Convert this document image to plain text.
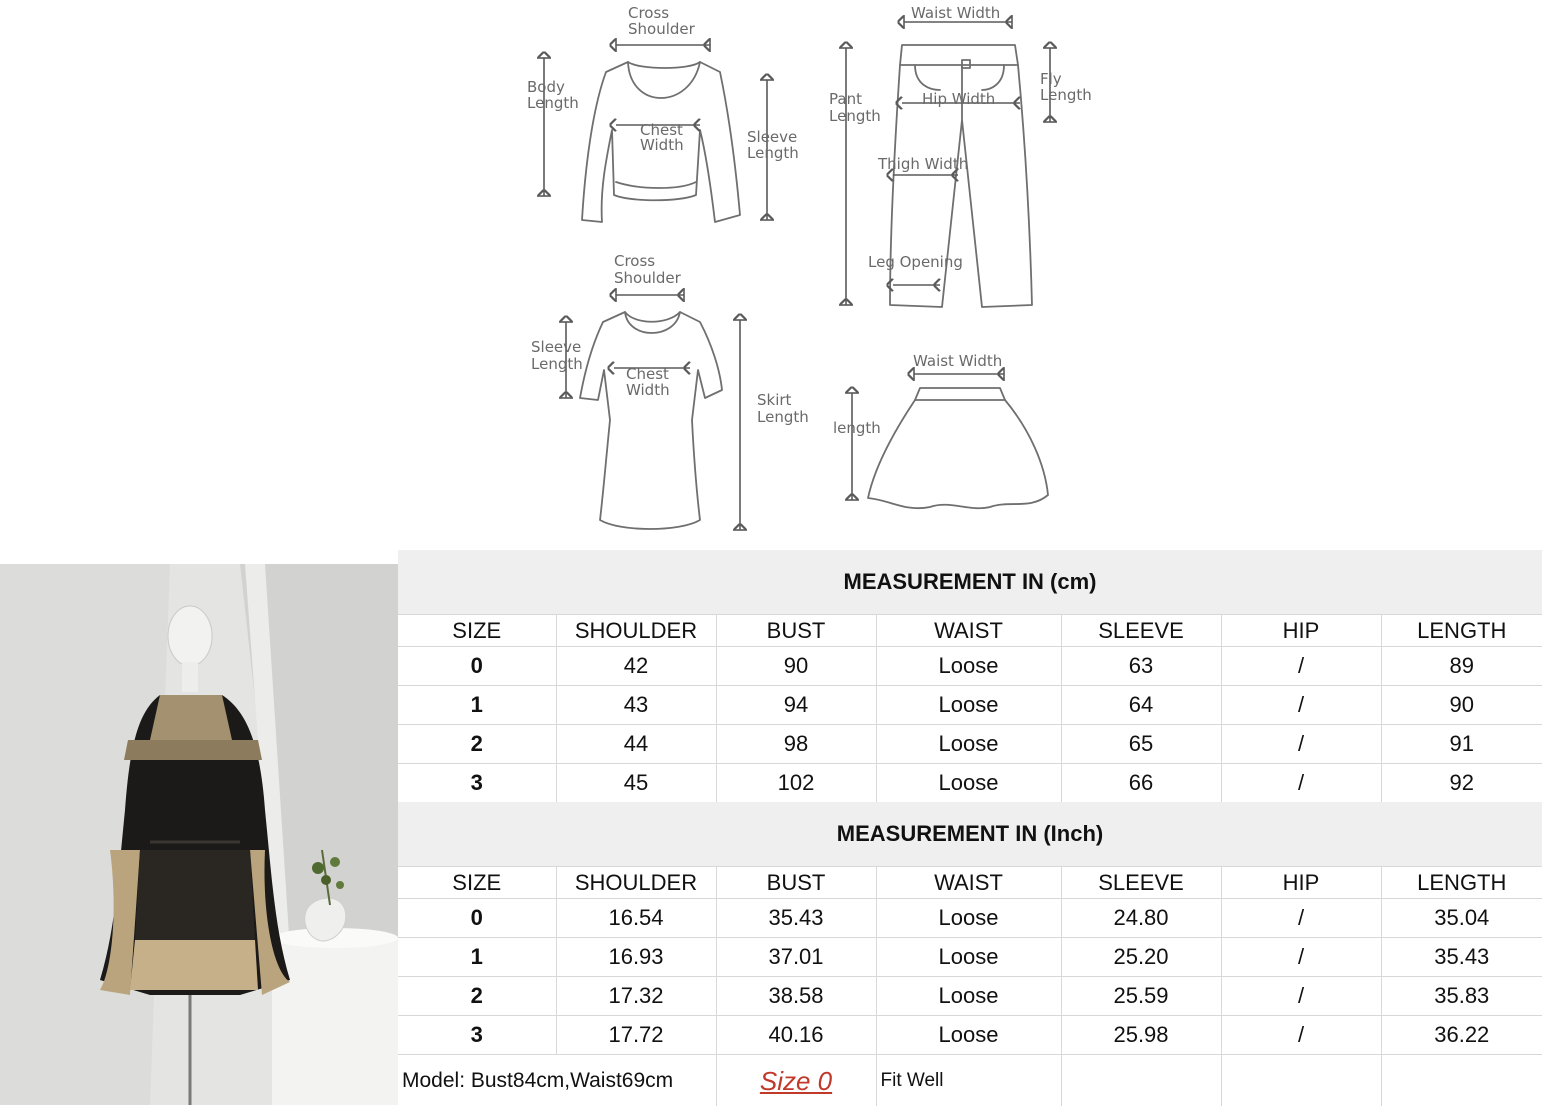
Cross
Shoulder
Body
Length
Chest
Width	Sleeve
Length
Waist Width
Fly
Length
Pant
Length
Hip Width
Thigh Width
Leg Opening
Cross
Shoulder
Sleeve
Length
Chest
Width
Skirt
Length
Waist Width
length
MEASUREMENT IN (cm)						
SIZE	SHOULDER	BUST	WAIST	SLEEVE	HIP	LENGTH
0	42	90	Loose	63	/	89
1	43	94	Loose	64	/	90
2	44	98	Loose	65	/	91
3	45	102	Loose	66	/	92
MEASUREMENT IN (Inch)						
SIZE	SHOULDER	BUST	WAIST	SLEEVE	HIP	LENGTH
0	16.54	35.43	Loose	24.80	/	35.04
1	16.93	37.01	Loose	25.20	/	35.43
2	17.32	38.58	Loose	25.59	/	35.83
3	17.72	40.16	Loose	25.98	/	36.22
Model: Bust84cm,Waist69cm		Size 0	Fit Well			
